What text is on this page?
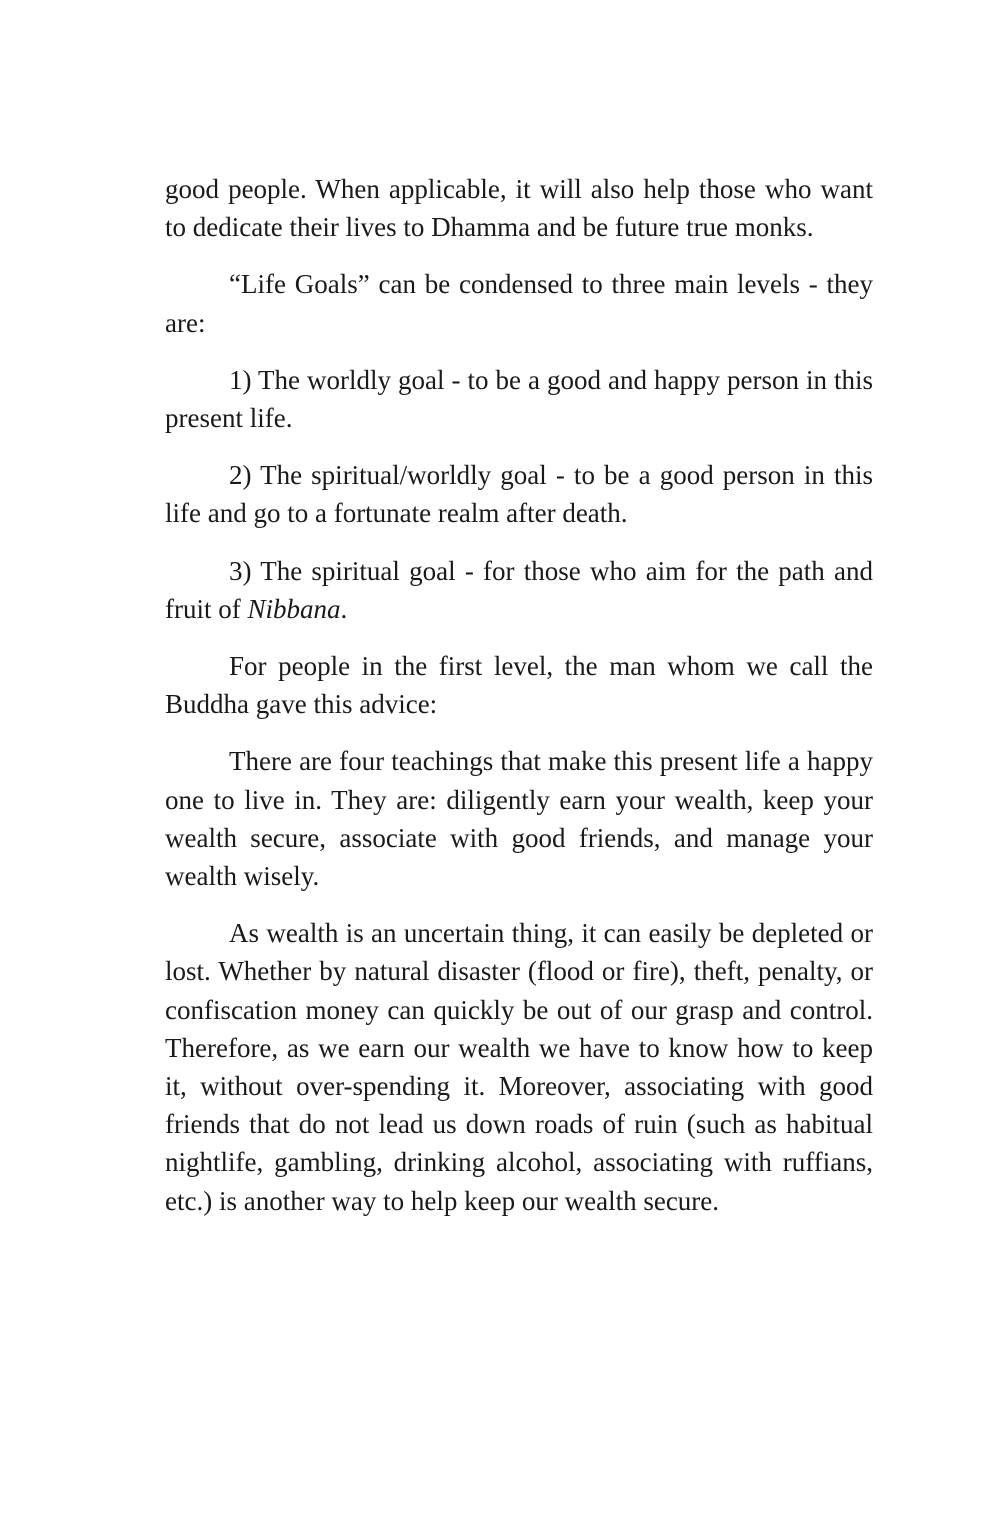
good people. When applicable, it will also help those who want to dedicate their lives to Dhamma and be future true monks.

“Life Goals” can be condensed to three main levels - they are:

1) The worldly goal - to be a good and happy person in this present life.

2) The spiritual/worldly goal - to be a good person in this life and go to a fortunate realm after death.

3) The spiritual goal - for those who aim for the path and fruit of Nibbana.

For people in the first level, the man whom we call the Buddha gave this advice:

There are four teachings that make this present life a happy one to live in. They are: diligently earn your wealth, keep your wealth secure, associate with good friends, and manage your wealth wisely.

As wealth is an uncertain thing, it can easily be depleted or lost. Whether by natural disaster (flood or fire), theft, penalty, or confiscation money can quickly be out of our grasp and control. Therefore, as we earn our wealth we have to know how to keep it, without over-spending it. Moreover, associating with good friends that do not lead us down roads of ruin (such as habitual nightlife, gambling, drinking alcohol, associating with ruffians, etc.) is another way to help keep our wealth secure.
